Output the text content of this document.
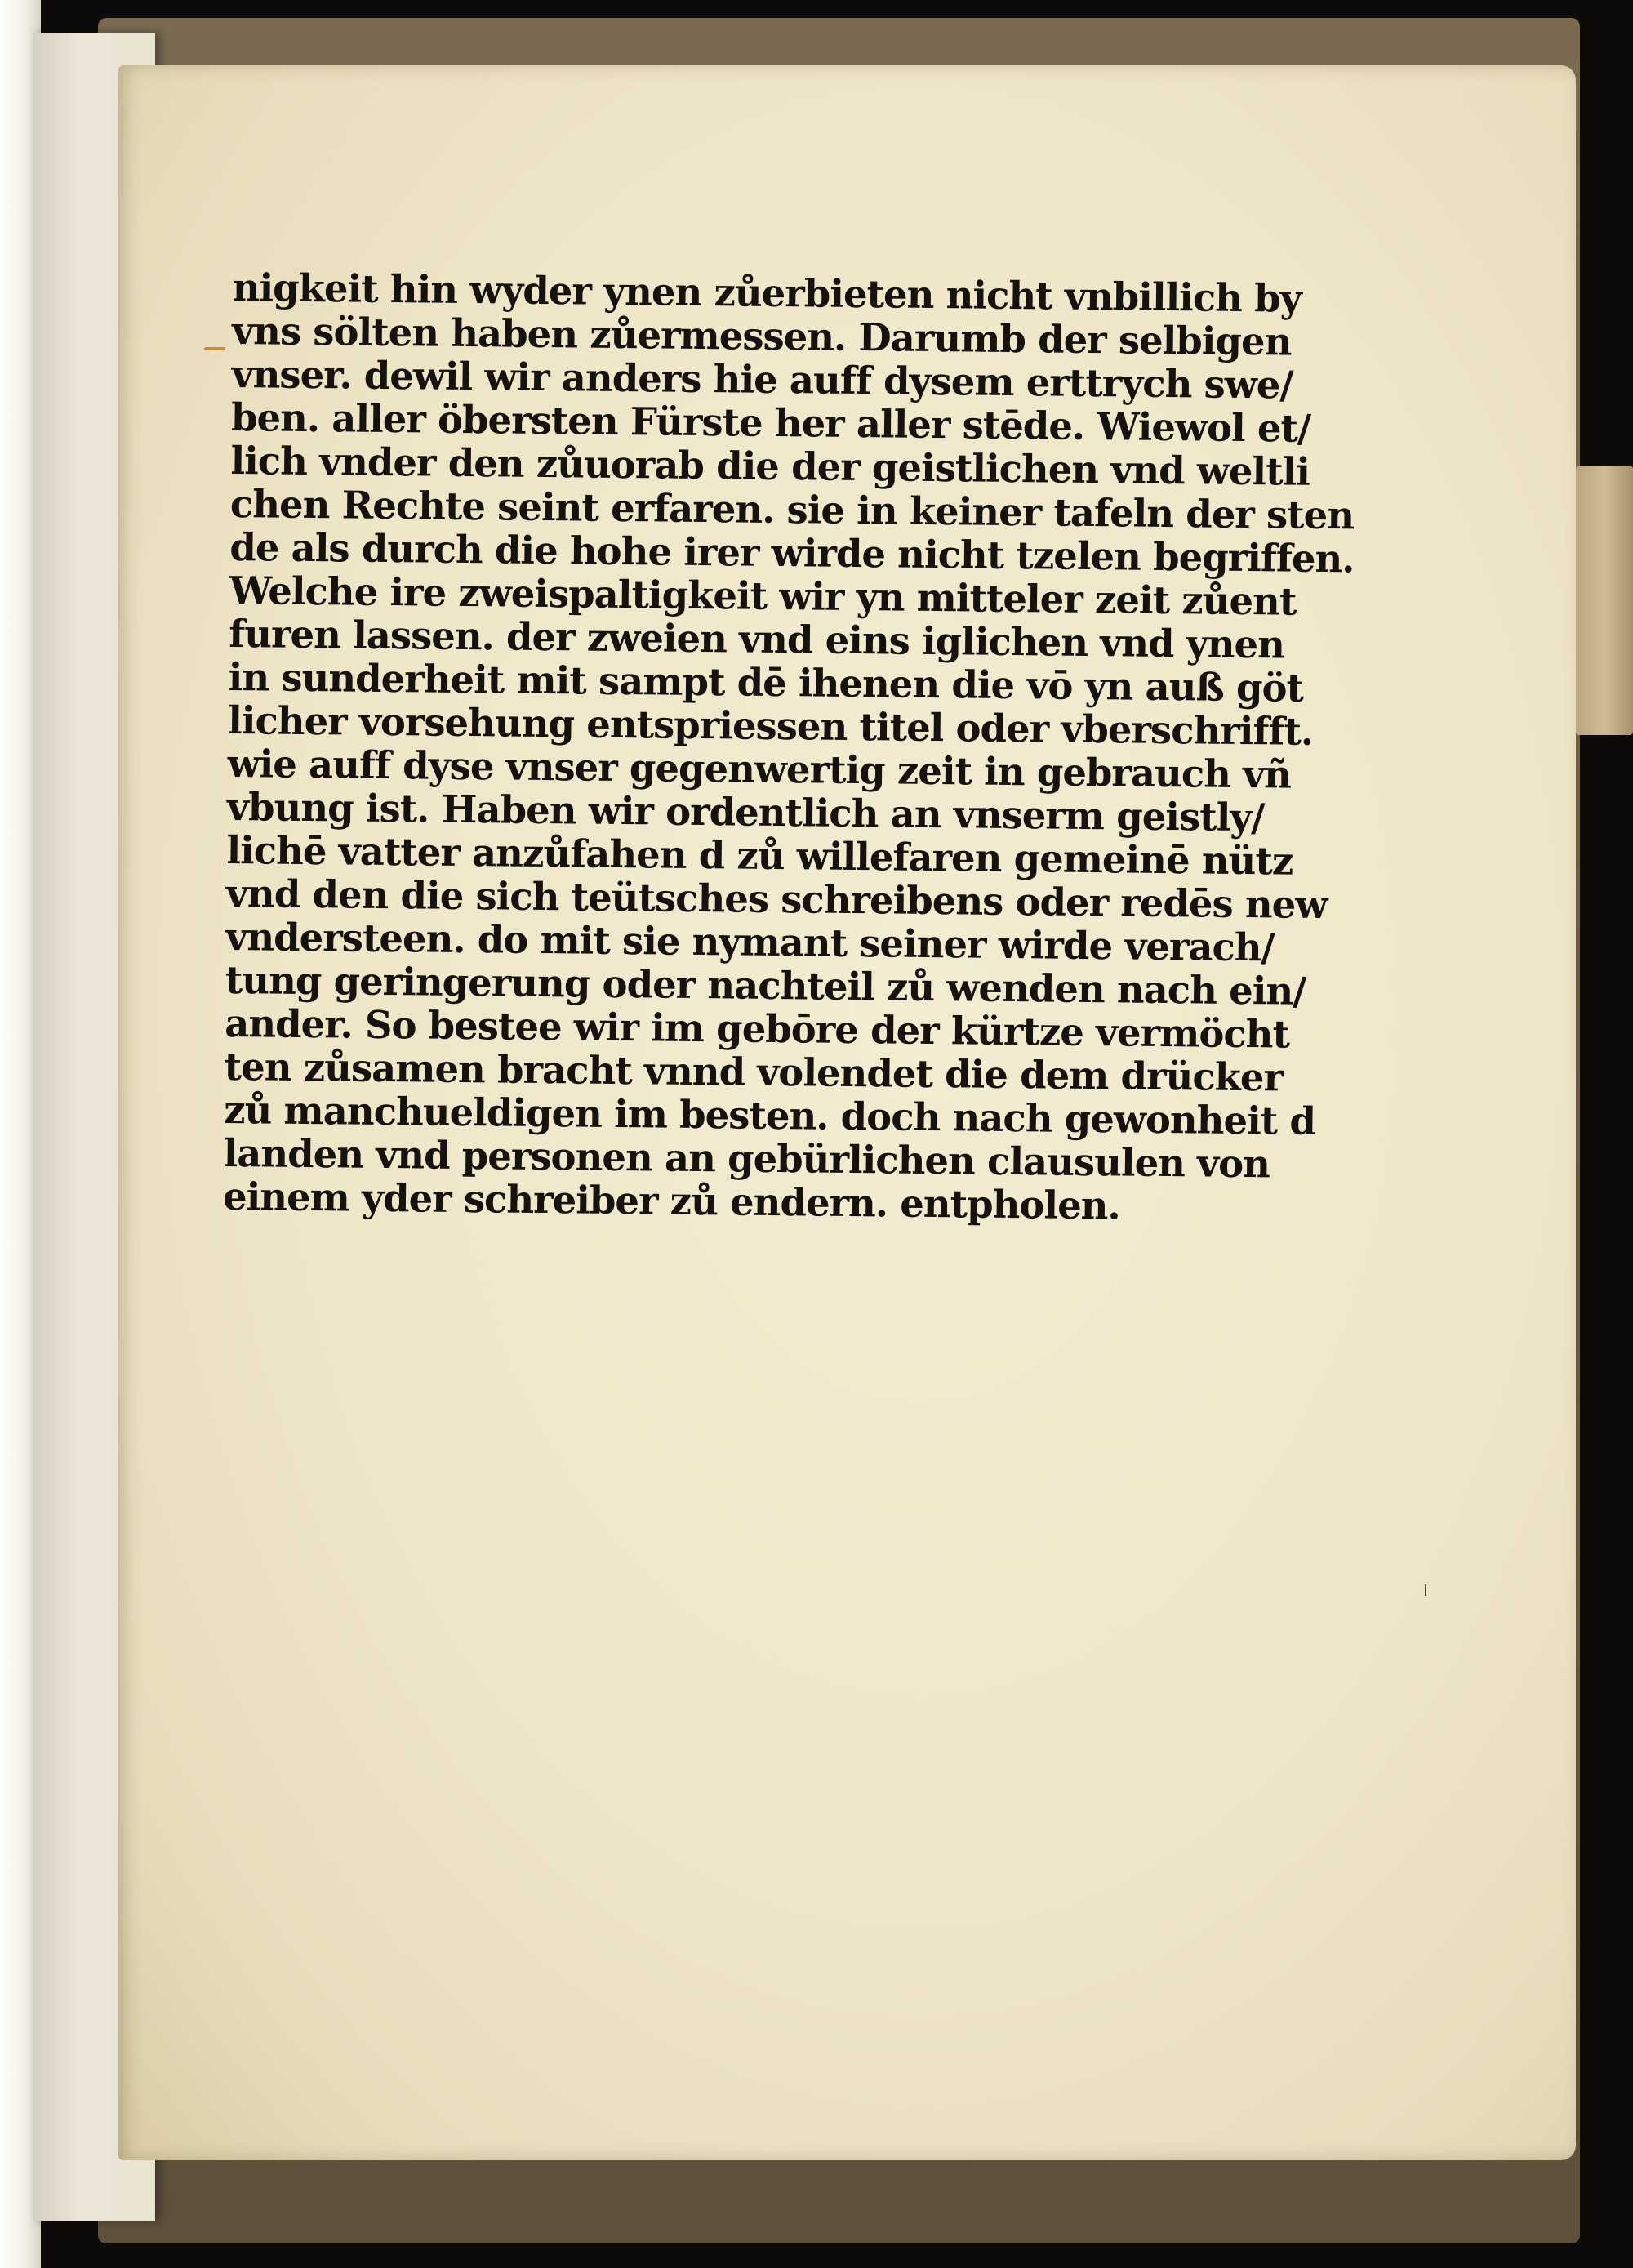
nigkeit hin wyder ynen zůerbieten nicht vnbillich by
vns sölten haben zůermessen. Darumb der selbigen
vnser. dewil wir anders hie auff dysem erttrych swe/
ben. aller öbersten Fürste her aller stēde. Wiewol et/
lich vnder den zůuorab die der geistlichen vnd weltli
chen Rechte seint erfaren. sie in keiner tafeln der sten
de als durch die hohe irer wirde nicht tzelen begriffen.
Welche ire zweispaltigkeit wir yn mitteler zeit zůent
furen lassen. der zweien vnd eins iglichen vnd ynen
in sunderheit mit sampt dē ihenen die vō yn auß göt
licher vorsehung entspriessen titel oder vberschrifft.
wie auff dyse vnser gegenwertig zeit in gebrauch vñ
vbung ist. Haben wir ordentlich an vnserm geistly/
lichē vatter anzůfahen d zů willefaren gemeinē nütz
vnd den die sich teütsches schreibens oder redēs new
vndersteen. do mit sie nymant seiner wirde verach/
tung geringerung oder nachteil zů wenden nach ein/
ander. So bestee wir im gebōre der kürtze vermöcht
ten zůsamen bracht vnnd volendet die dem drücker
zů manchueldigen im besten. doch nach gewonheit d
landen vnd personen an gebürlichen clausulen von
einem yder schreiber zů endern. entpholen.
